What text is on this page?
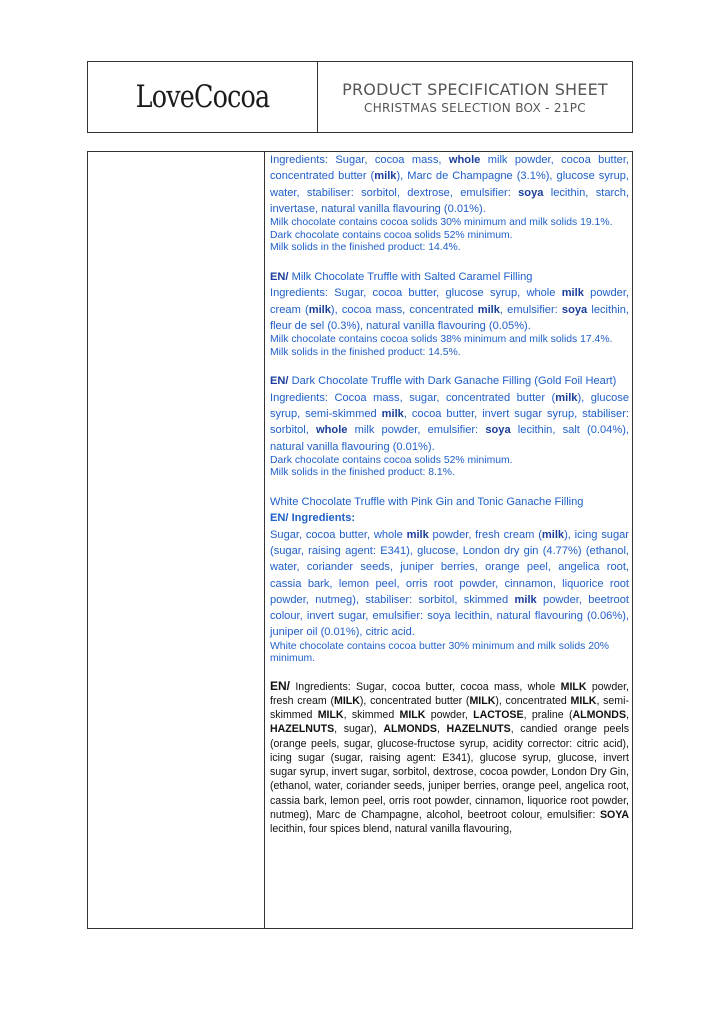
LoveCocoa	PRODUCT SPECIFICATION SHEET
CHRISTMAS SELECTION BOX - 21PC

Ingredients: Sugar, cocoa mass, whole milk powder, cocoa butter, concentrated butter (milk), Marc de Champagne (3.1%), glucose syrup, water, stabiliser: sorbitol, dextrose, emulsifier: soya lecithin, starch, invertase, natural vanilla flavouring (0.01%).

Milk chocolate contains cocoa solids 30% minimum and milk solids 19.1%.

Dark chocolate contains cocoa solids 52% minimum.

Milk solids in the finished product: 14.4%.

EN/ Milk Chocolate Truffle with Salted Caramel Filling

Ingredients: Sugar, cocoa butter, glucose syrup, whole milk powder, cream (milk), cocoa mass, concentrated milk, emulsifier: soya lecithin, fleur de sel (0.3%), natural vanilla flavouring (0.05%).

Milk chocolate contains cocoa solids 38% minimum and milk solids 17.4%.

Milk solids in the finished product: 14.5%.

EN/ Dark Chocolate Truffle with Dark Ganache Filling (Gold Foil Heart)

Ingredients: Cocoa mass, sugar, concentrated butter (milk), glucose syrup, semi-skimmed milk, cocoa butter, invert sugar syrup, stabiliser: sorbitol, whole milk powder, emulsifier: soya lecithin, salt (0.04%), natural vanilla flavouring (0.01%).

Dark chocolate contains cocoa solids 52% minimum.

Milk solids in the finished product: 8.1%.

White Chocolate Truffle with Pink Gin and Tonic Ganache Filling

EN/ Ingredients:

Sugar, cocoa butter, whole milk powder, fresh cream (milk), icing sugar (sugar, raising agent: E341), glucose, London dry gin (4.77%) (ethanol, water, coriander seeds, juniper berries, orange peel, angelica root, cassia bark, lemon peel, orris root powder, cinnamon, liquorice root powder, nutmeg), stabiliser: sorbitol, skimmed milk powder, beetroot colour, invert sugar, emulsifier: soya lecithin, natural flavouring (0.06%), juniper oil (0.01%), citric acid.

White chocolate contains cocoa butter 30% minimum and milk solids 20% minimum.

EN/ Ingredients: Sugar, cocoa butter, cocoa mass, whole MILK powder, fresh cream (MILK), concentrated butter (MILK), concentrated MILK, semi-skimmed MILK, skimmed MILK powder, LACTOSE, praline (ALMONDS, HAZELNUTS, sugar), ALMONDS, HAZELNUTS, candied orange peels (orange peels, sugar, glucose-fructose syrup, acidity corrector: citric acid), icing sugar (sugar, raising agent: E341), glucose syrup, glucose, invert sugar syrup, invert sugar, sorbitol, dextrose, cocoa powder, London Dry Gin, (ethanol, water, coriander seeds, juniper berries, orange peel, angelica root, cassia bark, lemon peel, orris root powder, cinnamon, liquorice root powder, nutmeg), Marc de Champagne, alcohol, beetroot colour, emulsifier: SOYA lecithin, four spices blend, natural vanilla flavouring,
